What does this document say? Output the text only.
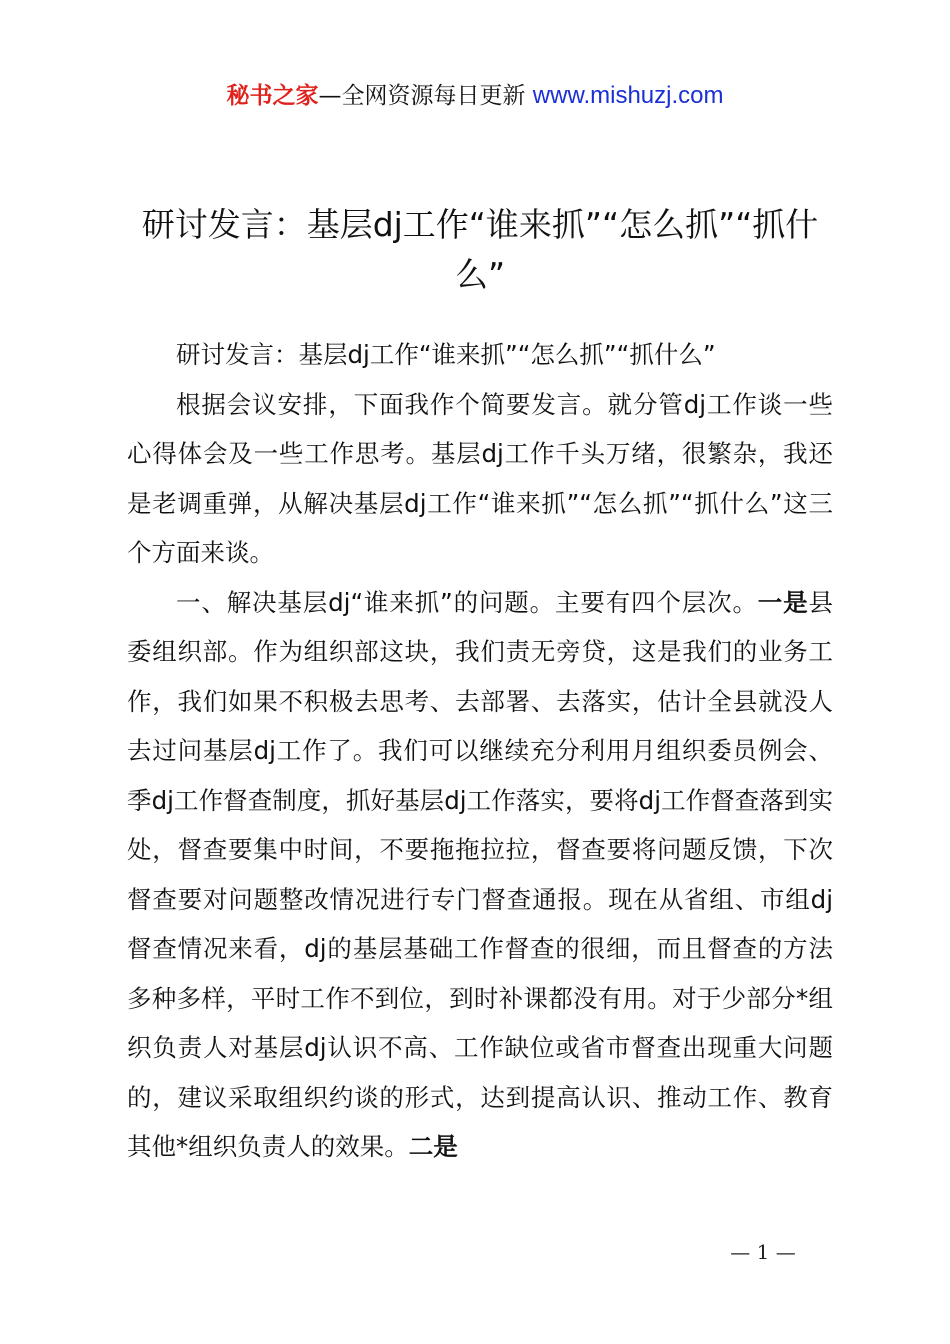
秘书之家—全网资源每日更新 www.mishuzj.com
研讨发言：基层dj工作“谁来抓”“怎么抓”“抓什么”

研讨发言：基层dj工作“谁来抓”“怎么抓”“抓什么”

根据会议安排，下面我作个简要发言。就分管dj工作谈一些心得体会及一些工作思考。基层dj工作千头万绪，很繁杂，我还是老调重弹，从解决基层dj工作“谁来抓”“怎么抓”“抓什么”这三个方面来谈。

一、解决基层dj“谁来抓”的问题。主要有四个层次。一是县委组织部。作为组织部这块，我们责无旁贷，这是我们的业务工作，我们如果不积极去思考、去部署、去落实，估计全县就没人去过问基层dj工作了。我们可以继续充分利用月组织委员例会、季dj工作督查制度，抓好基层dj工作落实，要将dj工作督查落到实处，督查要集中时间，不要拖拖拉拉，督查要将问题反馈，下次督查要对问题整改情况进行专门督查通报。现在从省组、市组dj督查情况来看，dj的基层基础工作督查的很细，而且督查的方法多种多样，平时工作不到位，到时补课都没有用。对于少部分*组织负责人对基层dj认识不高、工作缺位或省市督查出现重大问题的，建议采取组织约谈的形式，达到提高认识、推动工作、教育其他*组织负责人的效果。二是

— 1 —
